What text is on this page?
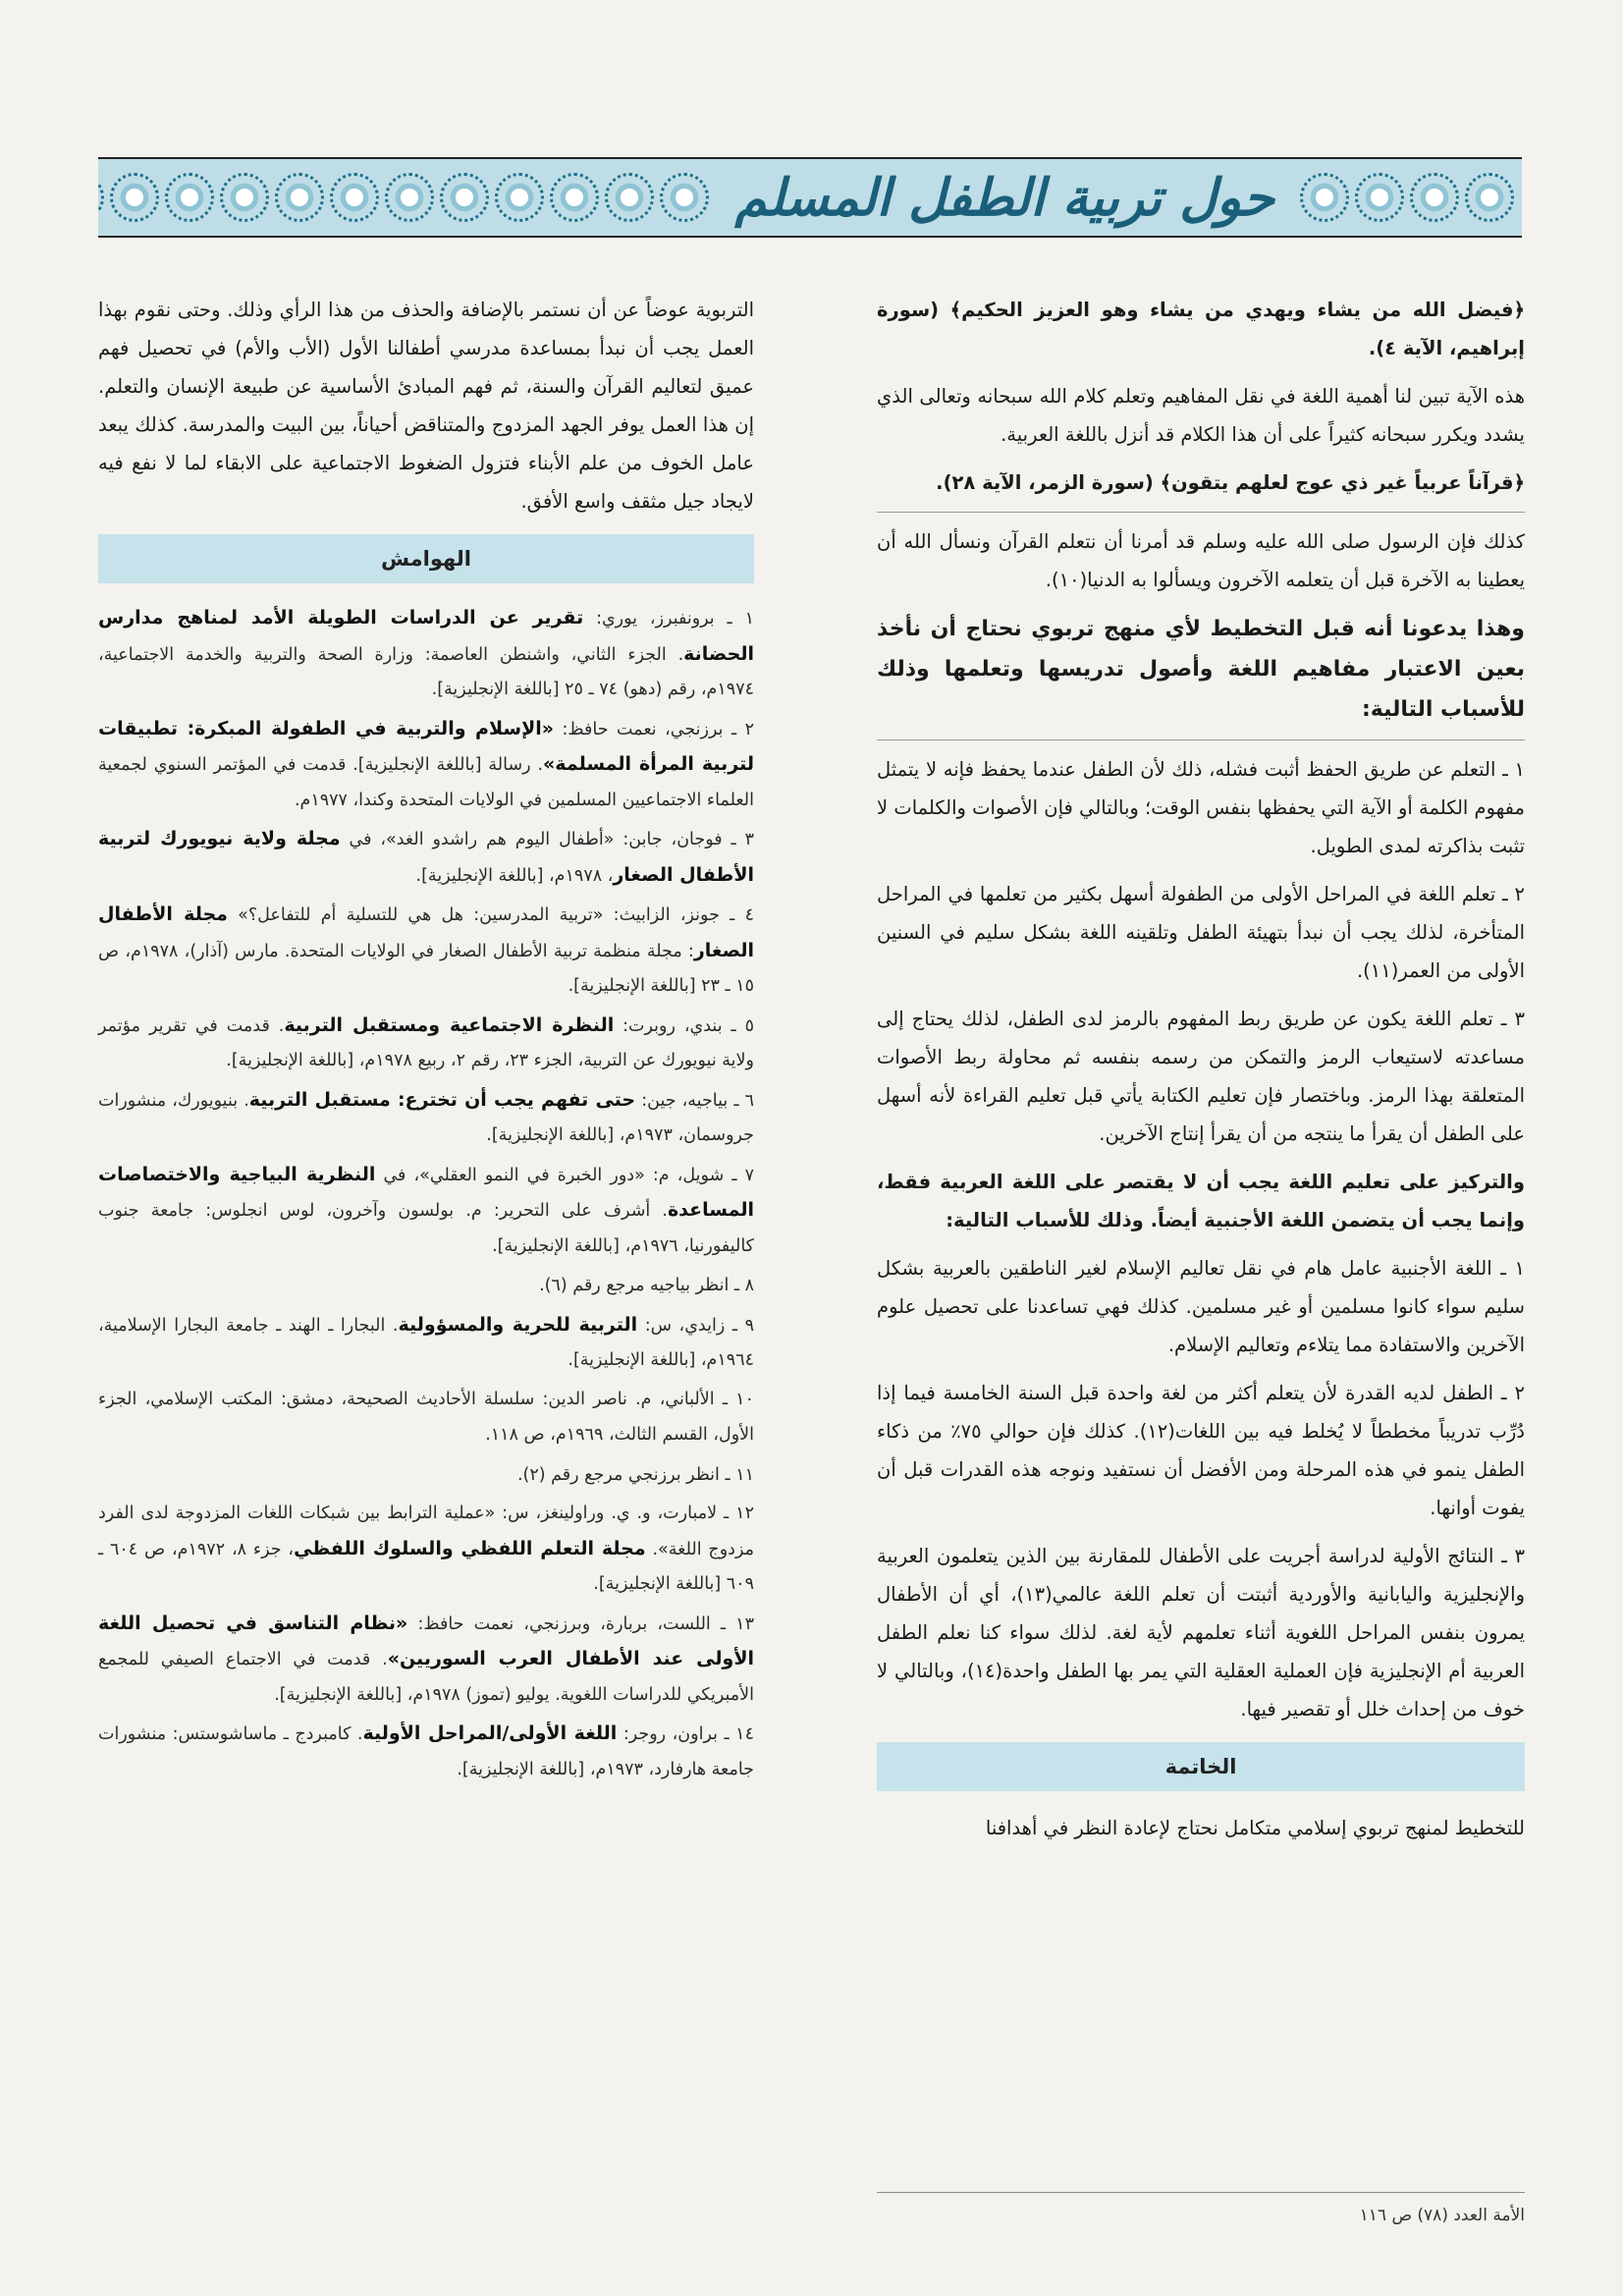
حول تربية الطفل المسلم

﴿فيضل الله من يشاء ويهدي من يشاء وهو العزيز الحكيم﴾ (سورة إبراهيم، الآية ٤).

هذه الآية تبين لنا أهمية اللغة في نقل المفاهيم وتعلم كلام الله سبحانه وتعالى الذي يشدد ويكرر سبحانه كثيراً على أن هذا الكلام قد أنزل باللغة العربية.

﴿قرآناً عربياً غير ذي عوج لعلهم يتقون﴾ (سورة الزمر، الآية ٢٨).

كذلك فإن الرسول صلى الله عليه وسلم قد أمرنا أن نتعلم القرآن ونسأل الله أن يعطينا به الآخرة قبل أن يتعلمه الآخرون ويسألوا به الدنيا(١٠).

وهذا يدعونا أنه قبل التخطيط لأي منهج تربوي نحتاج أن نأخذ بعين الاعتبار مفاهيم اللغة وأصول تدريسها وتعلمها وذلك للأسباب التالية:

١ ـ التعلم عن طريق الحفظ أثبت فشله، ذلك لأن الطفل عندما يحفظ فإنه لا يتمثل مفهوم الكلمة أو الآية التي يحفظها بنفس الوقت؛ وبالتالي فإن الأصوات والكلمات لا تثبت بذاكرته لمدى الطويل.

٢ ـ تعلم اللغة في المراحل الأولى من الطفولة أسهل بكثير من تعلمها في المراحل المتأخرة، لذلك يجب أن نبدأ بتهيئة الطفل وتلقينه اللغة بشكل سليم في السنين الأولى من العمر(١١).

٣ ـ تعلم اللغة يكون عن طريق ربط المفهوم بالرمز لدى الطفل، لذلك يحتاج إلى مساعدته لاستيعاب الرمز والتمكن من رسمه بنفسه ثم محاولة ربط الأصوات المتعلقة بهذا الرمز. وباختصار فإن تعليم الكتابة يأتي قبل تعليم القراءة لأنه أسهل على الطفل أن يقرأ ما ينتجه من أن يقرأ إنتاج الآخرين.

والتركيز على تعليم اللغة يجب أن لا يقتصر على اللغة العربية فقط، وإنما يجب أن يتضمن اللغة الأجنبية أيضاً. وذلك للأسباب التالية:

١ ـ اللغة الأجنبية عامل هام في نقل تعاليم الإسلام لغير الناطقين بالعربية بشكل سليم سواء كانوا مسلمين أو غير مسلمين. كذلك فهي تساعدنا على تحصيل علوم الآخرين والاستفادة مما يتلاءم وتعاليم الإسلام.

٢ ـ الطفل لديه القدرة لأن يتعلم أكثر من لغة واحدة قبل السنة الخامسة فيما إذا دُرِّب تدريباً مخططاً لا يُخلط فيه بين اللغات(١٢). كذلك فإن حوالي ٧٥٪ من ذكاء الطفل ينمو في هذه المرحلة ومن الأفضل أن نستفيد ونوجه هذه القدرات قبل أن يفوت أوانها.

٣ ـ النتائج الأولية لدراسة أجريت على الأطفال للمقارنة بين الذين يتعلمون العربية والإنجليزية واليابانية والأوردية أثبتت أن تعلم اللغة عالمي(١٣)، أي أن الأطفال يمرون بنفس المراحل اللغوية أثناء تعلمهم لأية لغة. لذلك سواء كنا نعلم الطفل العربية أم الإنجليزية فإن العملية العقلية التي يمر بها الطفل واحدة(١٤)، وبالتالي لا خوف من إحداث خلل أو تقصير فيها.

الخاتمة

للتخطيط لمنهج تربوي إسلامي متكامل نحتاج لإعادة النظر في أهدافنا

التربوية عوضاً عن أن نستمر بالإضافة والحذف من هذا الرأي وذلك. وحتى نقوم بهذا العمل يجب أن نبدأ بمساعدة مدرسي أطفالنا الأول (الأب والأم) في تحصيل فهم عميق لتعاليم القرآن والسنة، ثم فهم المبادئ الأساسية عن طبيعة الإنسان والتعلم. إن هذا العمل يوفر الجهد المزدوج والمتناقض أحياناً، بين البيت والمدرسة. كذلك يبعد عامل الخوف من علم الأبناء فتزول الضغوط الاجتماعية على الابقاء لما لا نفع فيه لايجاد جيل مثقف واسع الأفق.

الهوامش

١ ـ برونفبرز، يوري: تقرير عن الدراسات الطويلة الأمد لمناهج مدارس الحضانة. الجزء الثاني، واشنطن العاصمة: وزارة الصحة والتربية والخدمة الاجتماعية، ١٩٧٤م، رقم (دهو) ٧٤ ـ ٢٥ [باللغة الإنجليزية].

٢ ـ برزنجي، نعمت حافظ: «الإسلام والتربية في الطفولة المبكرة: تطبيقات لتربية المرأة المسلمة». رسالة [باللغة الإنجليزية]. قدمت في المؤتمر السنوي لجمعية العلماء الاجتماعيين المسلمين في الولايات المتحدة وكندا، ١٩٧٧م.

٣ ـ فوجان، جابن: «أطفال اليوم هم راشدو الغد»، في مجلة ولاية نيويورك لتربية الأطفال الصغار، ١٩٧٨م، [باللغة الإنجليزية].

٤ ـ جونز، الزابيث: «تربية المدرسين: هل هي للتسلية أم للتفاعل؟» مجلة الأطفال الصغار: مجلة منظمة تربية الأطفال الصغار في الولايات المتحدة. مارس (آذار)، ١٩٧٨م، ص ١٥ ـ ٢٣ [باللغة الإنجليزية].

٥ ـ بندي، روبرت: النظرة الاجتماعية ومستقبل التربية. قدمت في تقرير مؤتمر ولاية نيويورك عن التربية، الجزء ٢٣، رقم ٢، ربيع ١٩٧٨م، [باللغة الإنجليزية].

٦ ـ بياجيه، جين: حتى تفهم يجب أن تخترع: مستقبل التربية. بنيويورك، منشورات جروسمان، ١٩٧٣م، [باللغة الإنجليزية].

٧ ـ شويل، م: «دور الخبرة في النمو العقلي»، في النظرية البياجية والاختصاصات المساعدة. أشرف على التحرير: م. بولسون وآخرون، لوس انجلوس: جامعة جنوب كاليفورنيا، ١٩٧٦م، [باللغة الإنجليزية].

٨ ـ انظر بياجيه مرجع رقم (٦).

٩ ـ زايدي، س: التربية للحرية والمسؤولية. البجارا ـ الهند ـ جامعة البجارا الإسلامية، ١٩٦٤م، [باللغة الإنجليزية].

١٠ ـ الألباني، م. ناصر الدين: سلسلة الأحاديث الصحيحة، دمشق: المكتب الإسلامي، الجزء الأول، القسم الثالث، ١٩٦٩م، ص ١١٨.

١١ ـ انظر برزنجي مرجع رقم (٢).

١٢ ـ لامبارت، و. ي. وراولينغز، س: «عملية الترابط بين شبكات اللغات المزدوجة لدى الفرد مزدوج اللغة». مجلة التعلم اللفظي والسلوك اللفظي، جزء ٨، ١٩٧٢م، ص ٦٠٤ ـ ٦٠٩ [باللغة الإنجليزية].

١٣ ـ اللست، بربارة، وبرزنجي، نعمت حافظ: «نظام التناسق في تحصيل اللغة الأولى عند الأطفال العرب السوريين». قدمت في الاجتماع الصيفي للمجمع الأمبريكي للدراسات اللغوية. يوليو (تموز) ١٩٧٨م، [باللغة الإنجليزية].

١٤ ـ براون، روجر: اللغة الأولى/المراحل الأولية. كامبردج ـ ماساشوستس: منشورات جامعة هارفارد، ١٩٧٣م، [باللغة الإنجليزية].

الأمة العدد (٧٨) ص ١١٦
